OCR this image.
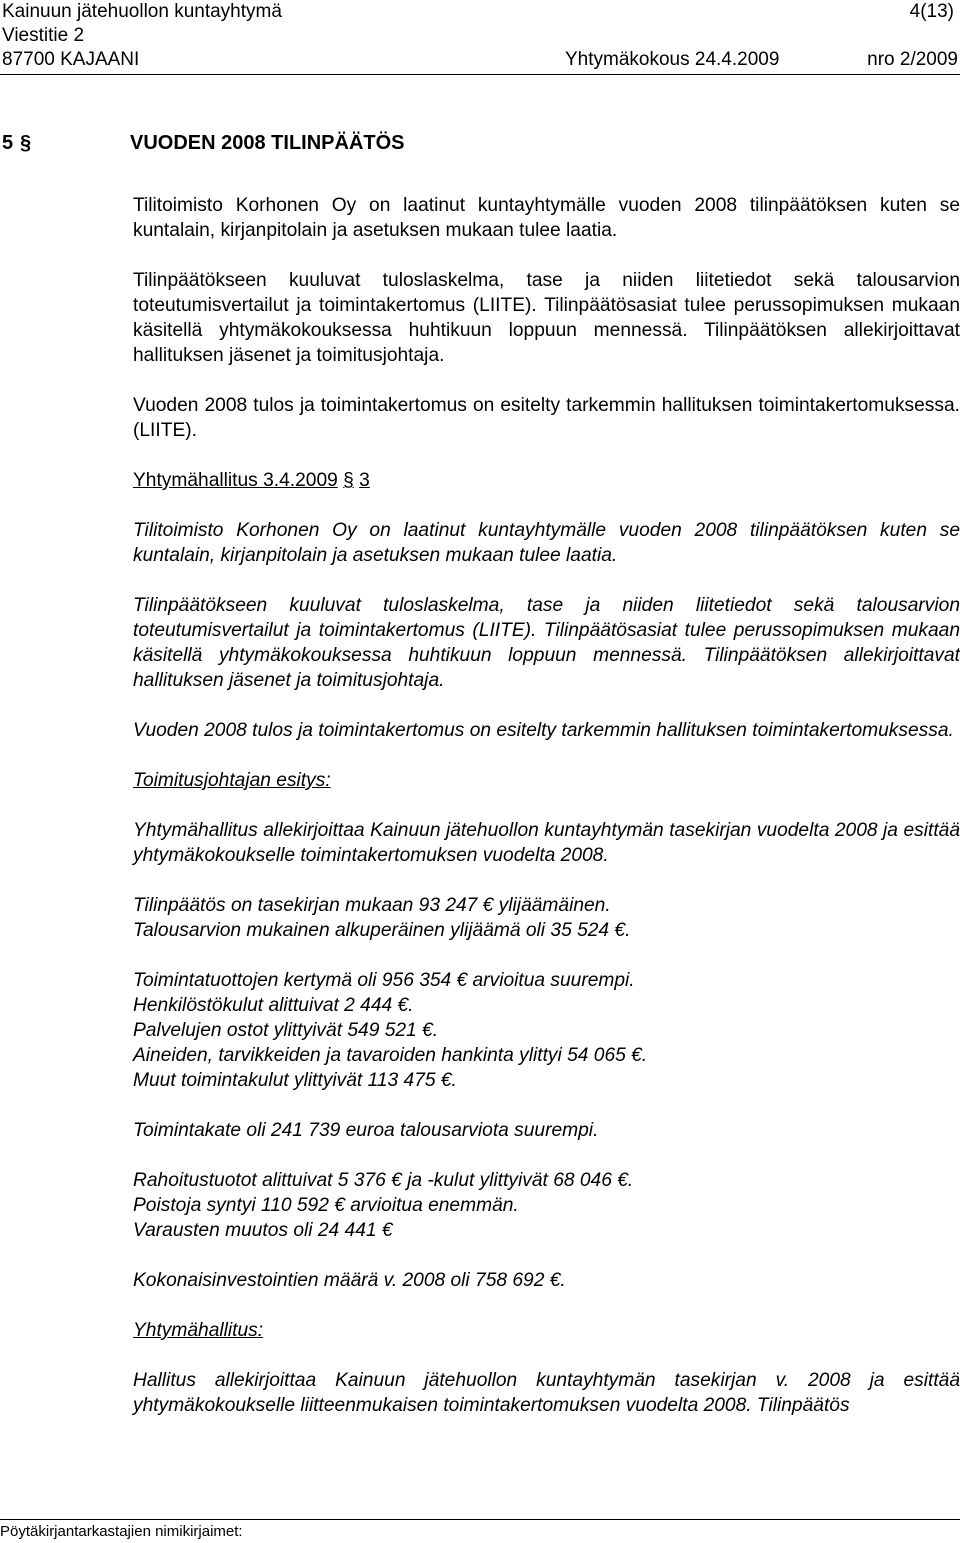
Kainuun jätehuollon kuntayhtymä	4(13)
Viestitie 2
87700 KAJAANI	Yhtymäkokous 24.4.2009	nro 2/2009
5 §	VUODEN 2008 TILINPÄÄTÖS

Tilitoimisto Korhonen Oy on laatinut kuntayhtymälle vuoden 2008 tilinpäätöksen kuten se kuntalain, kirjanpitolain ja asetuksen mukaan tulee laatia.

Tilinpäätökseen kuuluvat tuloslaskelma, tase ja niiden liitetiedot sekä talousarvion toteutumisvertailut ja toimintakertomus (LIITE). Tilinpäätösasiat tulee perussopimuksen mukaan käsitellä yhtymäkokouksessa huhtikuun loppuun mennessä. Tilinpäätöksen allekirjoittavat hallituksen jäsenet ja toimitusjohtaja.

Vuoden 2008 tulos ja toimintakertomus on esitelty tarkemmin hallituksen toimintakertomuksessa. (LIITE).

Yhtymähallitus 3.4.2009 § 3

Tilitoimisto Korhonen Oy on laatinut kuntayhtymälle vuoden 2008 tilinpäätöksen kuten se kuntalain, kirjanpitolain ja asetuksen mukaan tulee laatia.

Tilinpäätökseen kuuluvat tuloslaskelma, tase ja niiden liitetiedot sekä talousarvion toteutumisvertailut ja toimintakertomus (LIITE). Tilinpäätösasiat tulee perussopimuksen mukaan käsitellä yhtymäkokouksessa huhtikuun loppuun mennessä. Tilinpäätöksen allekirjoittavat hallituksen jäsenet ja toimitusjohtaja.

Vuoden 2008 tulos ja toimintakertomus on esitelty tarkemmin hallituksen toimintakertomuksessa.

Toimitusjohtajan esitys:

Yhtymähallitus allekirjoittaa Kainuun jätehuollon kuntayhtymän tasekirjan vuodelta 2008 ja esittää yhtymäkokoukselle toimintakertomuksen vuodelta 2008.

Tilinpäätös on tasekirjan mukaan 93 247 € ylijäämäinen.
Talousarvion mukainen alkuperäinen ylijäämä oli 35 524 €.

Toimintatuottojen kertymä oli 956 354 € arvioitua suurempi.
Henkilöstökulut alittuivat 2 444 €.
Palvelujen ostot ylittyivät 549 521 €.
Aineiden, tarvikkeiden ja tavaroiden hankinta ylittyi 54 065 €.
Muut toimintakulut ylittyivät 113 475 €.

Toimintakate oli 241 739 euroa talousarviota suurempi.

Rahoitustuotot alittuivat 5 376 € ja -kulut ylittyivät 68 046 €.
Poistoja syntyi 110 592 € arvioitua enemmän.
Varausten muutos oli 24 441 €

Kokonaisinvestointien määrä v. 2008 oli 758 692 €.

Yhtymähallitus:

Hallitus allekirjoittaa Kainuun jätehuollon kuntayhtymän tasekirjan v. 2008 ja esittää yhtymäkokoukselle liitteenmukaisen toimintakertomuksen vuodelta 2008. Tilinpäätös

Pöytäkirjantarkastajien nimikirjaimet:
